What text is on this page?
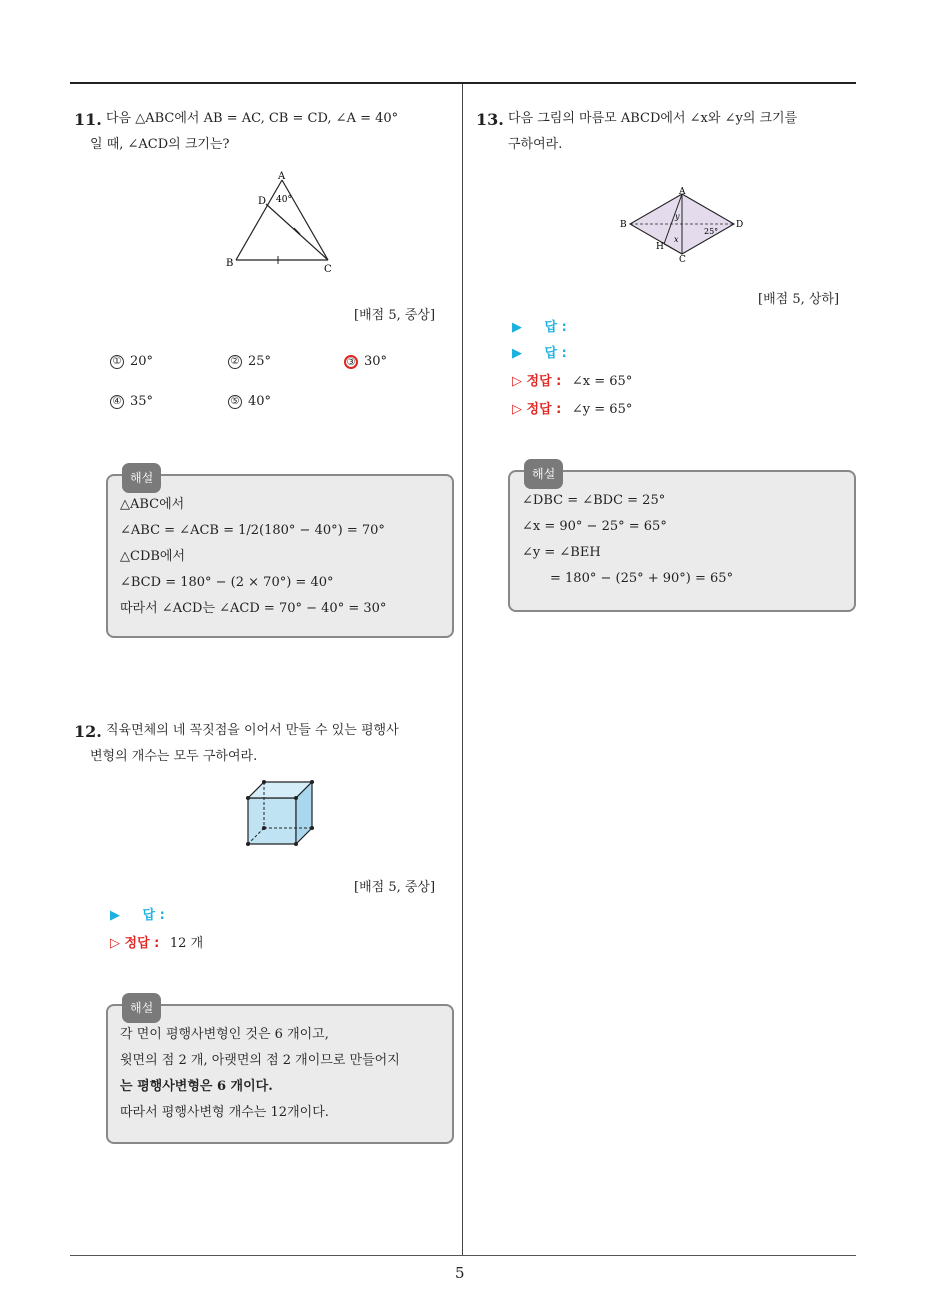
5
11. 다음 △ABC에서 AB = AC, CB = CD, ∠A = 40°
일 때, ∠ACD의 크기는?
A
D
B
C
40°
[배점 5, 중상]
① 20°	② 25°	③ 30°
④ 35°	⑤ 40°
해설
△ABC에서
∠ABC = ∠ACB = 1/2(180° − 40°) = 70°
△CDB에서
∠BCD = 180° − (2 × 70°) = 40°
따라서 ∠ACD는 ∠ACD = 70° − 40° = 30°
12. 직육면체의 네 꼭짓점을 이어서 만들 수 있는 평행사
변형의 개수는 모두 구하여라.
[배점 5, 중상]
▶ 답 :
▷ 정답 : 12 개
해설
각 면이 평행사변형인 것은 6 개이고,
윗면의 점 2 개, 아랫면의 점 2 개이므로 만들어지
는 평행사변형은 6 개이다.
따라서 평행사변형 개수는 12개이다.
13. 다음 그림의 마름모 ABCD에서 ∠x와 ∠y의 크기를
구하여라.
A
B
C
D
H
x
y
25°
[배점 5, 상하]
▶ 답 :
▶ 답 :
▷ 정답 : ∠x = 65°
▷ 정답 : ∠y = 65°
해설
∠DBC = ∠BDC = 25°
∠x = 90° − 25° = 65°
∠y = ∠BEH
= 180° − (25° + 90°) = 65°
